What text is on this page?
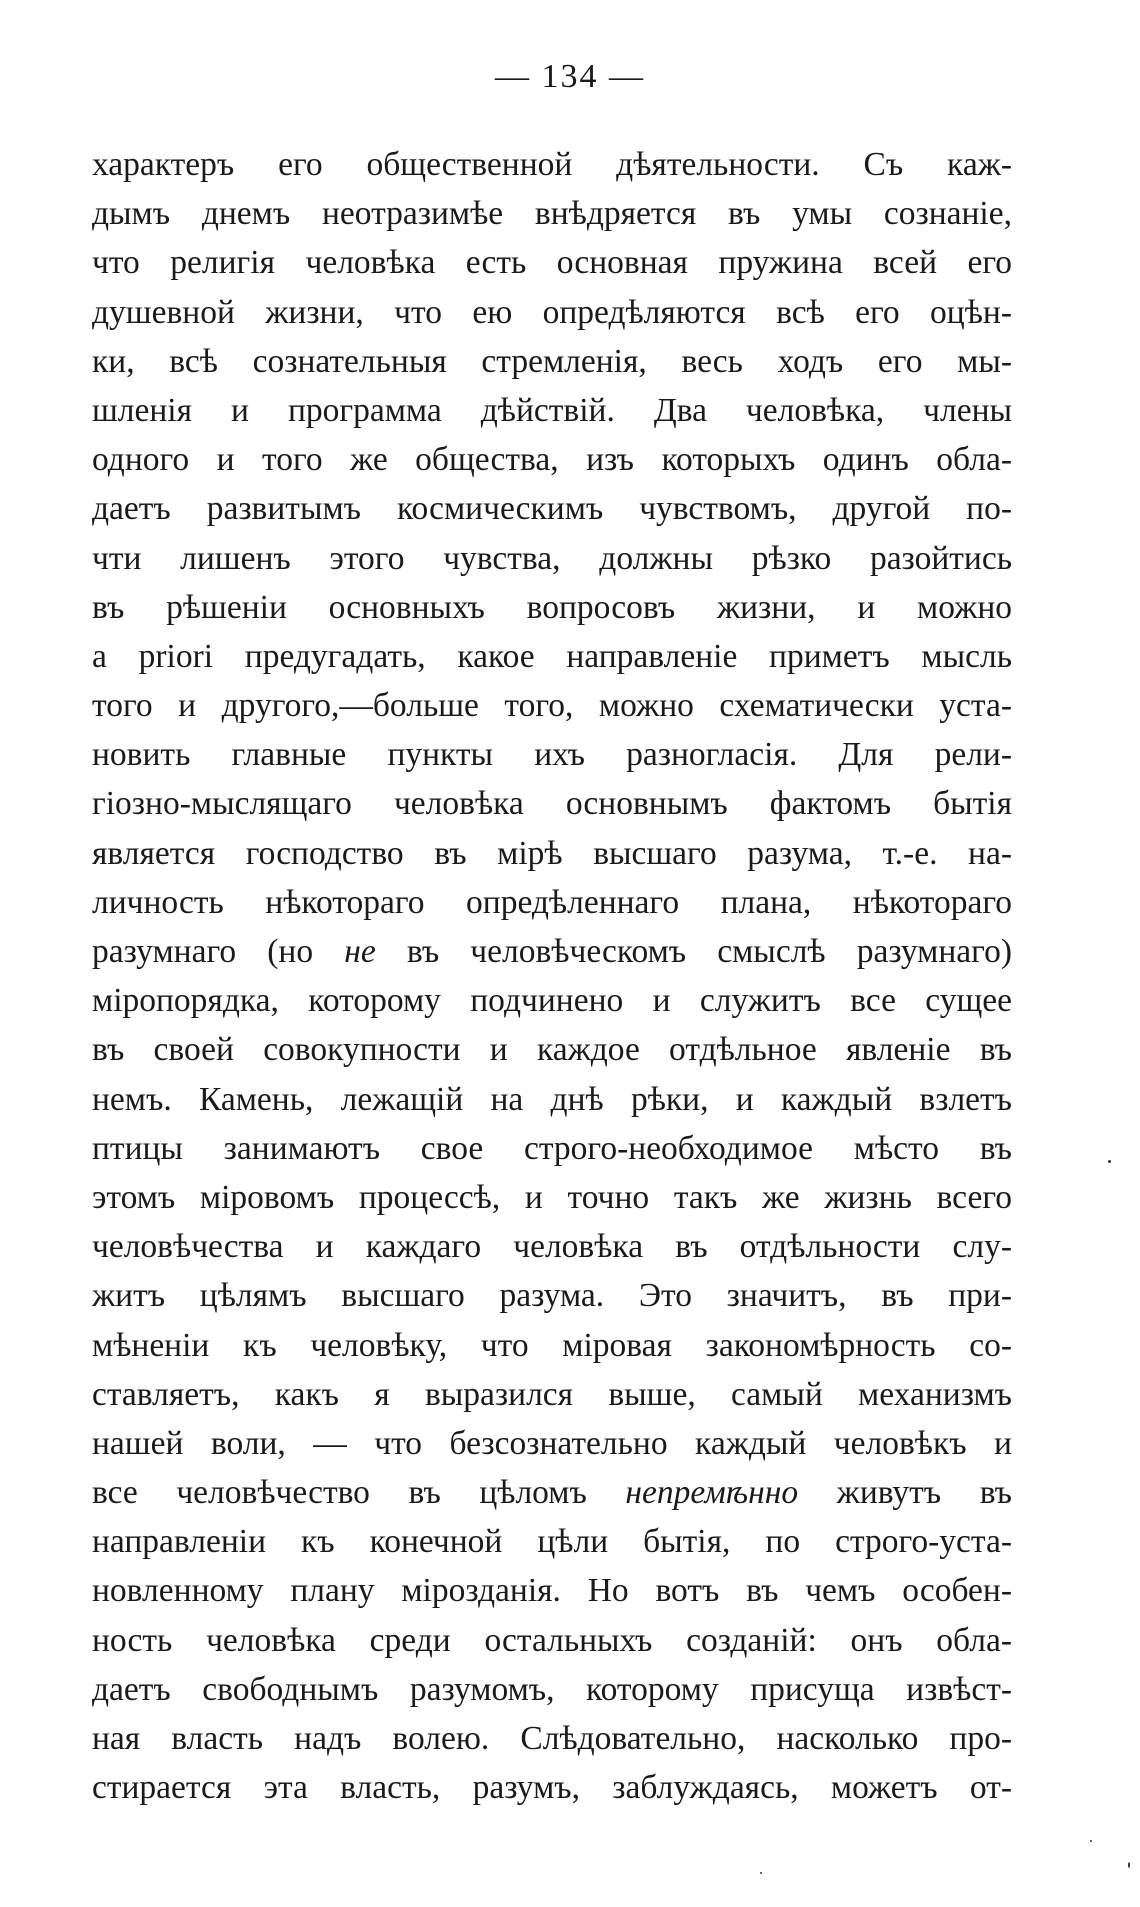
— 134 —
характеръ его общественной дѣятельности. Съ каж-
дымъ днемъ неотразимѣе внѣдряется въ умы сознаніе,
что религія человѣка есть основная пружина всей его
душевной жизни, что ею опредѣляются всѣ его оцѣн-
ки, всѣ сознательныя стремленія, весь ходъ его мы-
шленія и программа дѣйствій. Два человѣка, члены
одного и того же общества, изъ которыхъ одинъ обла-
даетъ развитымъ космическимъ чувствомъ, другой по-
чти лишенъ этого чувства, должны рѣзко разойтись
въ рѣшеніи основныхъ вопросовъ жизни, и можно
a priori предугадать, какое направленіе приметъ мысль
того и другого,—больше того, можно схематически уста-
новить главные пункты ихъ разногласія. Для рели-
гіозно-мыслящаго человѣка основнымъ фактомъ бытія
является господство въ мірѣ высшаго разума, т.-е. на-
личность нѣкотораго опредѣленнаго плана, нѣкотораго
разумнаго (но не въ человѣческомъ смыслѣ разумнаго)
міропорядка, которому подчинено и служитъ все сущее
въ своей совокупности и каждое отдѣльное явленіе въ
немъ. Камень, лежащій на днѣ рѣки, и каждый взлетъ
птицы занимаютъ свое строго-необходимое мѣсто въ
этомъ міровомъ процессѣ, и точно такъ же жизнь всего
человѣчества и каждаго человѣка въ отдѣльности слу-
житъ цѣлямъ высшаго разума. Это значитъ, въ при-
мѣненіи къ человѣку, что міровая закономѣрность со-
ставляетъ, какъ я выразился выше, самый механизмъ
нашей воли, — что безсознательно каждый человѣкъ и
все человѣчество въ цѣломъ непремѣнно живутъ въ
направленіи къ конечной цѣли бытія, по строго-уста-
новленному плану мірозданія. Но вотъ въ чемъ особен-
ность человѣка среди остальныхъ созданій: онъ обла-
даетъ свободнымъ разумомъ, которому присуща извѣст-
ная власть надъ волею. Слѣдовательно, насколько про-
стирается эта власть, разумъ, заблуждаясь, можетъ от-
